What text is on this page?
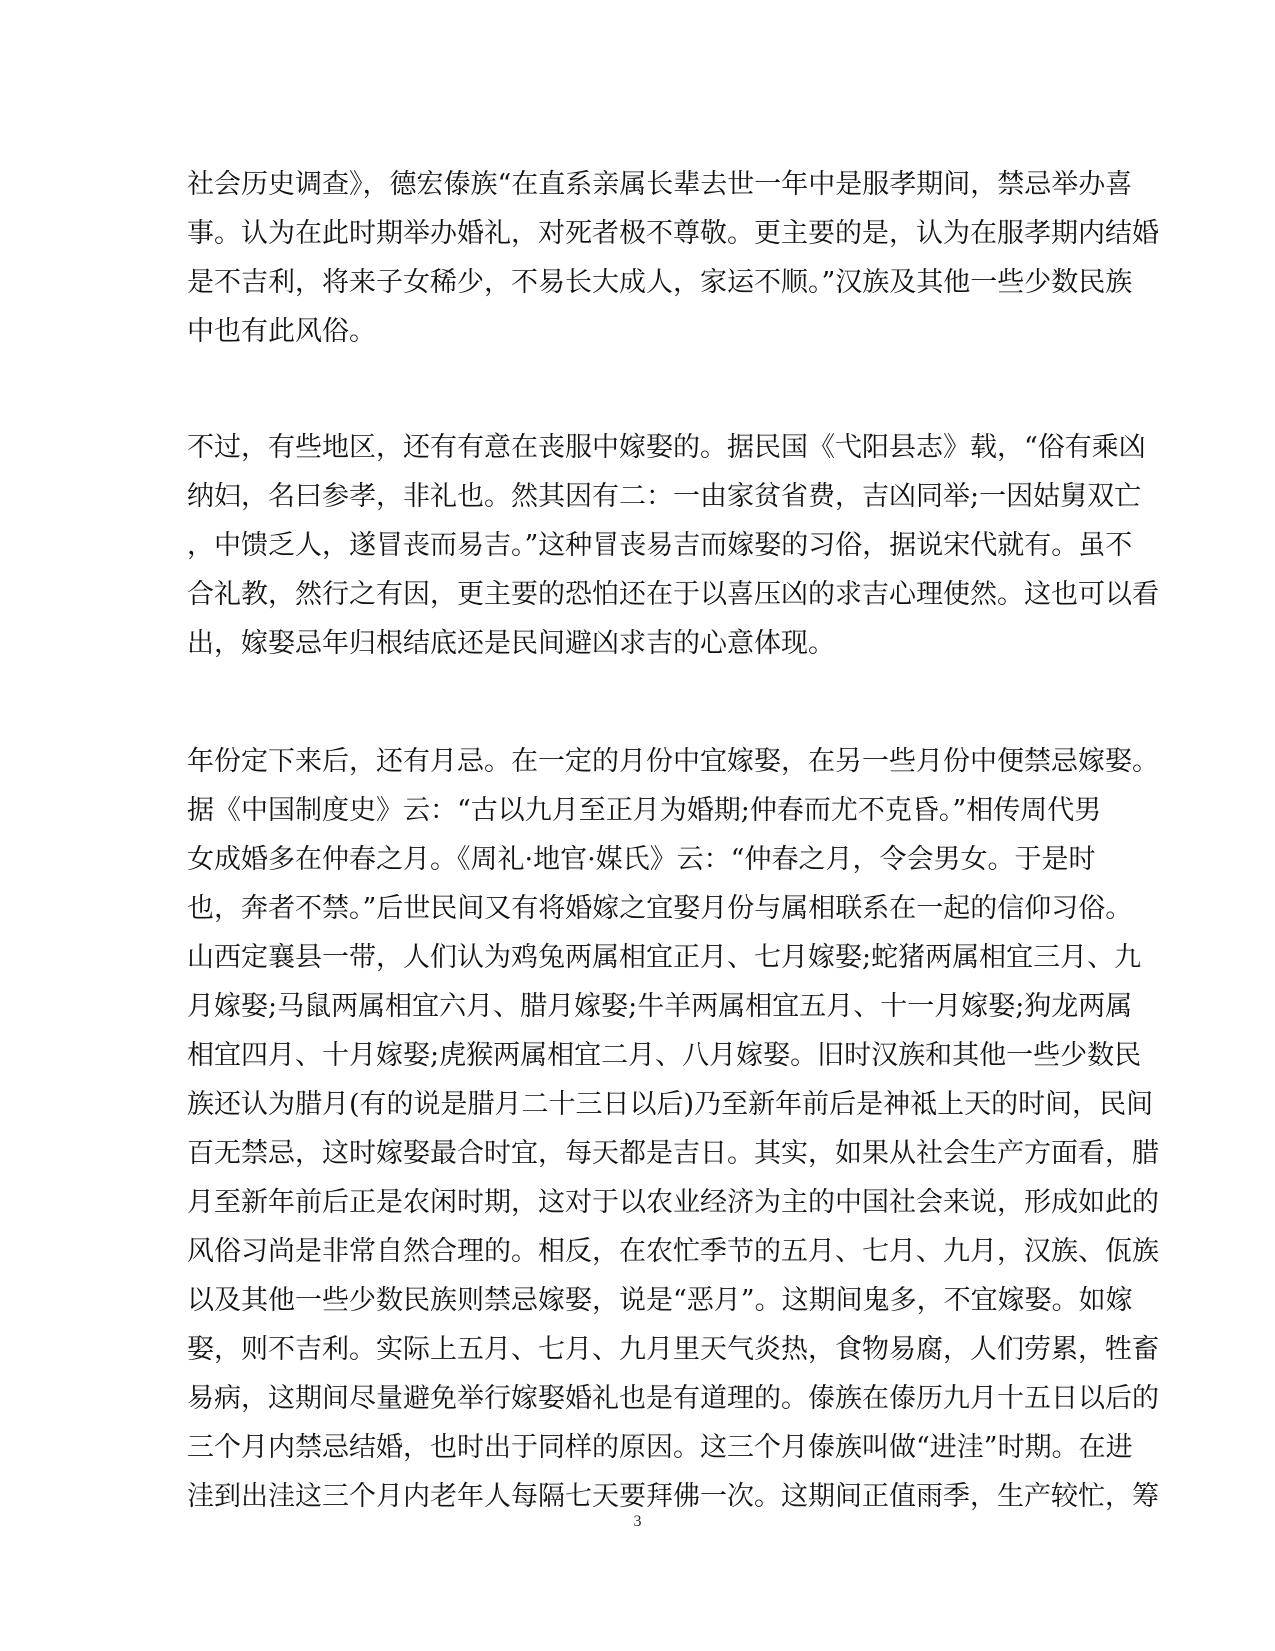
社会历史调查》，德宏傣族“在直系亲属长辈去世一年中是服孝期间，禁忌举办喜
事。认为在此时期举办婚礼，对死者极不尊敬。更主要的是，认为在服孝期内结婚
是不吉利，将来子女稀少，不易长大成人，家运不顺。”汉族及其他一些少数民族
中也有此风俗。
不过，有些地区，还有有意在丧服中嫁娶的。据民国《弋阳县志》载，“俗有乘凶
纳妇，名曰参孝，非礼也。然其因有二：一由家贫省费，吉凶同举;一因姑舅双亡
，中馈乏人，遂冒丧而易吉。”这种冒丧易吉而嫁娶的习俗，据说宋代就有。虽不
合礼教，然行之有因，更主要的恐怕还在于以喜压凶的求吉心理使然。这也可以看
出，嫁娶忌年归根结底还是民间避凶求吉的心意体现。
年份定下来后，还有月忌。在一定的月份中宜嫁娶，在另一些月份中便禁忌嫁娶。
据《中国制度史》云：“古以九月至正月为婚期;仲春而尤不克昏。”相传周代男
女成婚多在仲春之月。《周礼·地官·媒氏》云：“仲春之月，令会男女。于是时
也，奔者不禁。”后世民间又有将婚嫁之宜娶月份与属相联系在一起的信仰习俗。
山西定襄县一带，人们认为鸡兔两属相宜正月、七月嫁娶;蛇猪两属相宜三月、九
月嫁娶;马鼠两属相宜六月、腊月嫁娶;牛羊两属相宜五月、十一月嫁娶;狗龙两属
相宜四月、十月嫁娶;虎猴两属相宜二月、八月嫁娶。旧时汉族和其他一些少数民
族还认为腊月(有的说是腊月二十三日以后)乃至新年前后是神祗上天的时间，民间
百无禁忌，这时嫁娶最合时宜，每天都是吉日。其实，如果从社会生产方面看，腊
月至新年前后正是农闲时期，这对于以农业经济为主的中国社会来说，形成如此的
风俗习尚是非常自然合理的。相反，在农忙季节的五月、七月、九月，汉族、佤族
以及其他一些少数民族则禁忌嫁娶，说是“恶月”。这期间鬼多，不宜嫁娶。如嫁
娶，则不吉利。实际上五月、七月、九月里天气炎热，食物易腐，人们劳累，牲畜
易病，这期间尽量避免举行嫁娶婚礼也是有道理的。傣族在傣历九月十五日以后的
三个月内禁忌结婚，也时出于同样的原因。这三个月傣族叫做“进洼”时期。在进
洼到出洼这三个月内老年人每隔七天要拜佛一次。这期间正值雨季，生产较忙，筹
3
